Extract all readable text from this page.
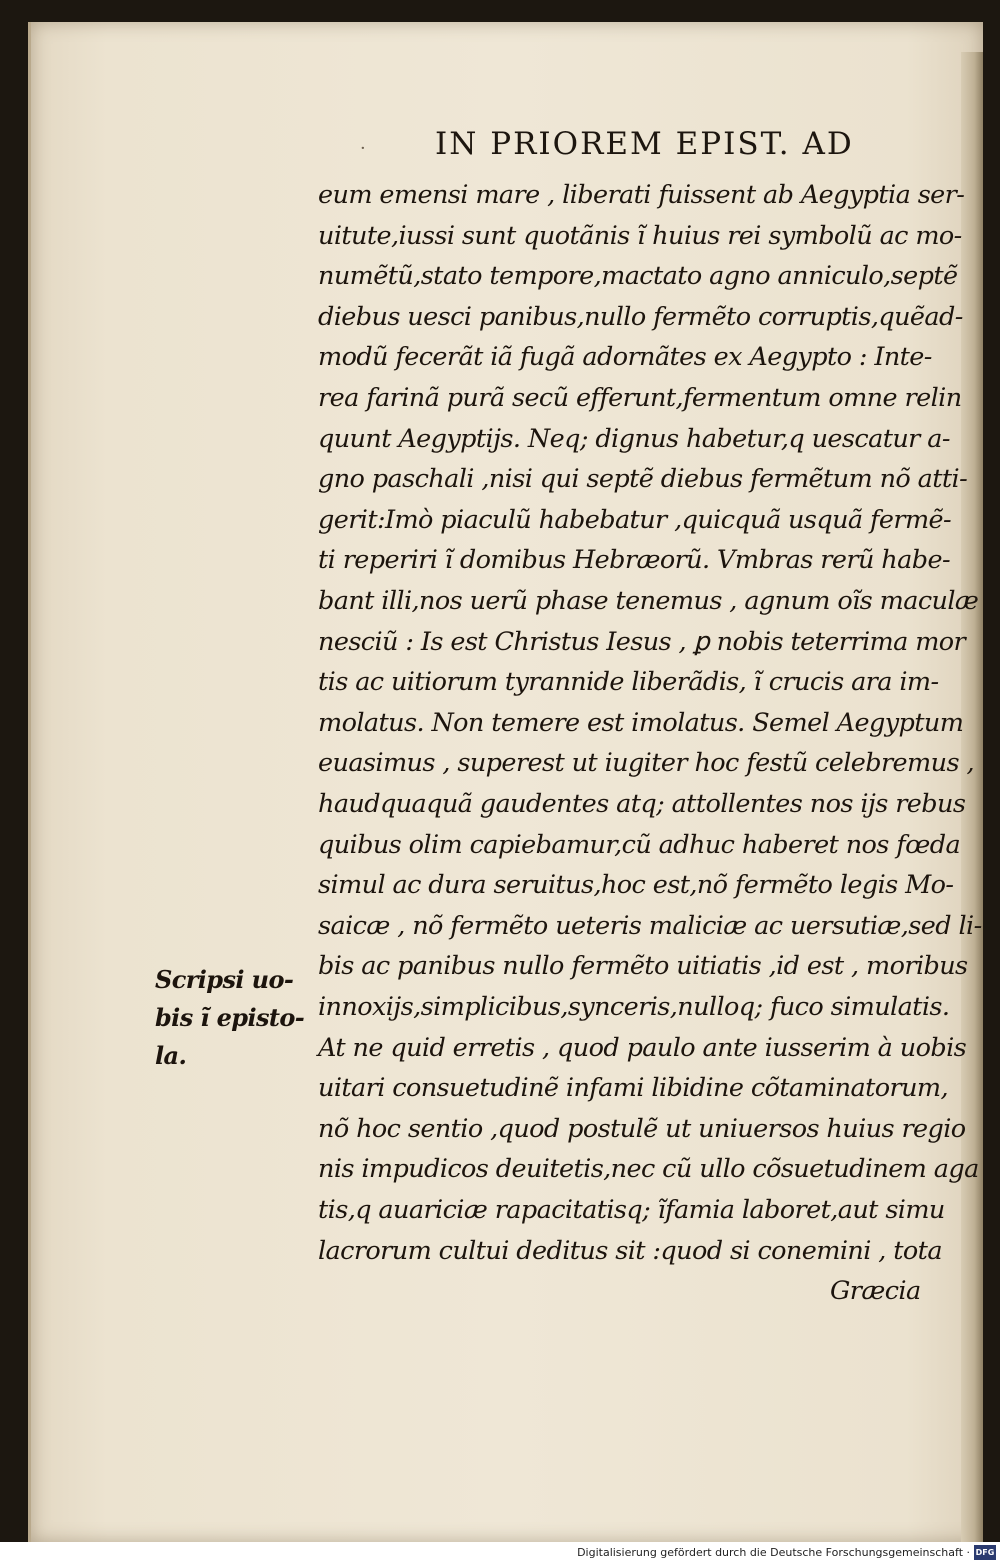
· IN PRIOREM EPIST. AD
eum emensi mare , liberati fuissent ab Aegyptia ser-
uitute,iussi sunt quotãnis ĩ huius rei symbolũ ac mo-
numẽtũ,stato tempore,mactato agno anniculo,septẽ
diebus uesci panibus,nullo fermẽto corruptis,quẽad-
modũ fecerãt iã fugã adornãtes ex Aegypto : Inte-
rea farinã purã secũ efferunt,fermentum omne relin
quunt Aegyptijs. Neq; dignus habetur,q uescatur a-
gno paschali ,nisi qui septẽ diebus fermẽtum nõ atti-
gerit:Imò piaculũ habebatur ,quicquã usquã fermẽ-
ti reperiri ĩ domibus Hebræorũ. Vmbras rerũ habe-
bant illi,nos uerũ phase tenemus , agnum oĩs maculæ
nesciũ : Is est Christus Iesus , ꝑ nobis teterrima mor
tis ac uitiorum tyrannide liberãdis, ĩ crucis ara im-
molatus. Non temere est imolatus. Semel Aegyptum
euasimus , superest ut iugiter hoc festũ celebremus ,
haudquaquã gaudentes atq; attollentes nos ijs rebus
quibus olim capiebamur,cũ adhuc haberet nos fœda
simul ac dura seruitus,hoc est,nõ fermẽto legis Mo-
saicæ , nõ fermẽto ueteris maliciæ ac uersutiæ,sed li-
bis ac panibus nullo fermẽto uitiatis ,id est , moribus
innoxijs,simplicibus,synceris,nulloq; fuco simulatis.
At ne quid erretis , quod paulo ante iusserim à uobis
uitari consuetudinẽ infami libidine cõtaminatorum,
nõ hoc sentio ,quod postulẽ ut uniuersos huius regio
nis impudicos deuitetis,nec cũ ullo cõsuetudinem aga
tis,q auariciæ rapacitatisq; ĩfamia laboret,aut simu
lacrorum cultui deditus sit :quod si conemini , tota
Græcia
Scripsi uo-
bis ĩ episto-
la.
Digitalisierung gefördert durch die Deutsche Forschungsgemeinschaft · DFG
